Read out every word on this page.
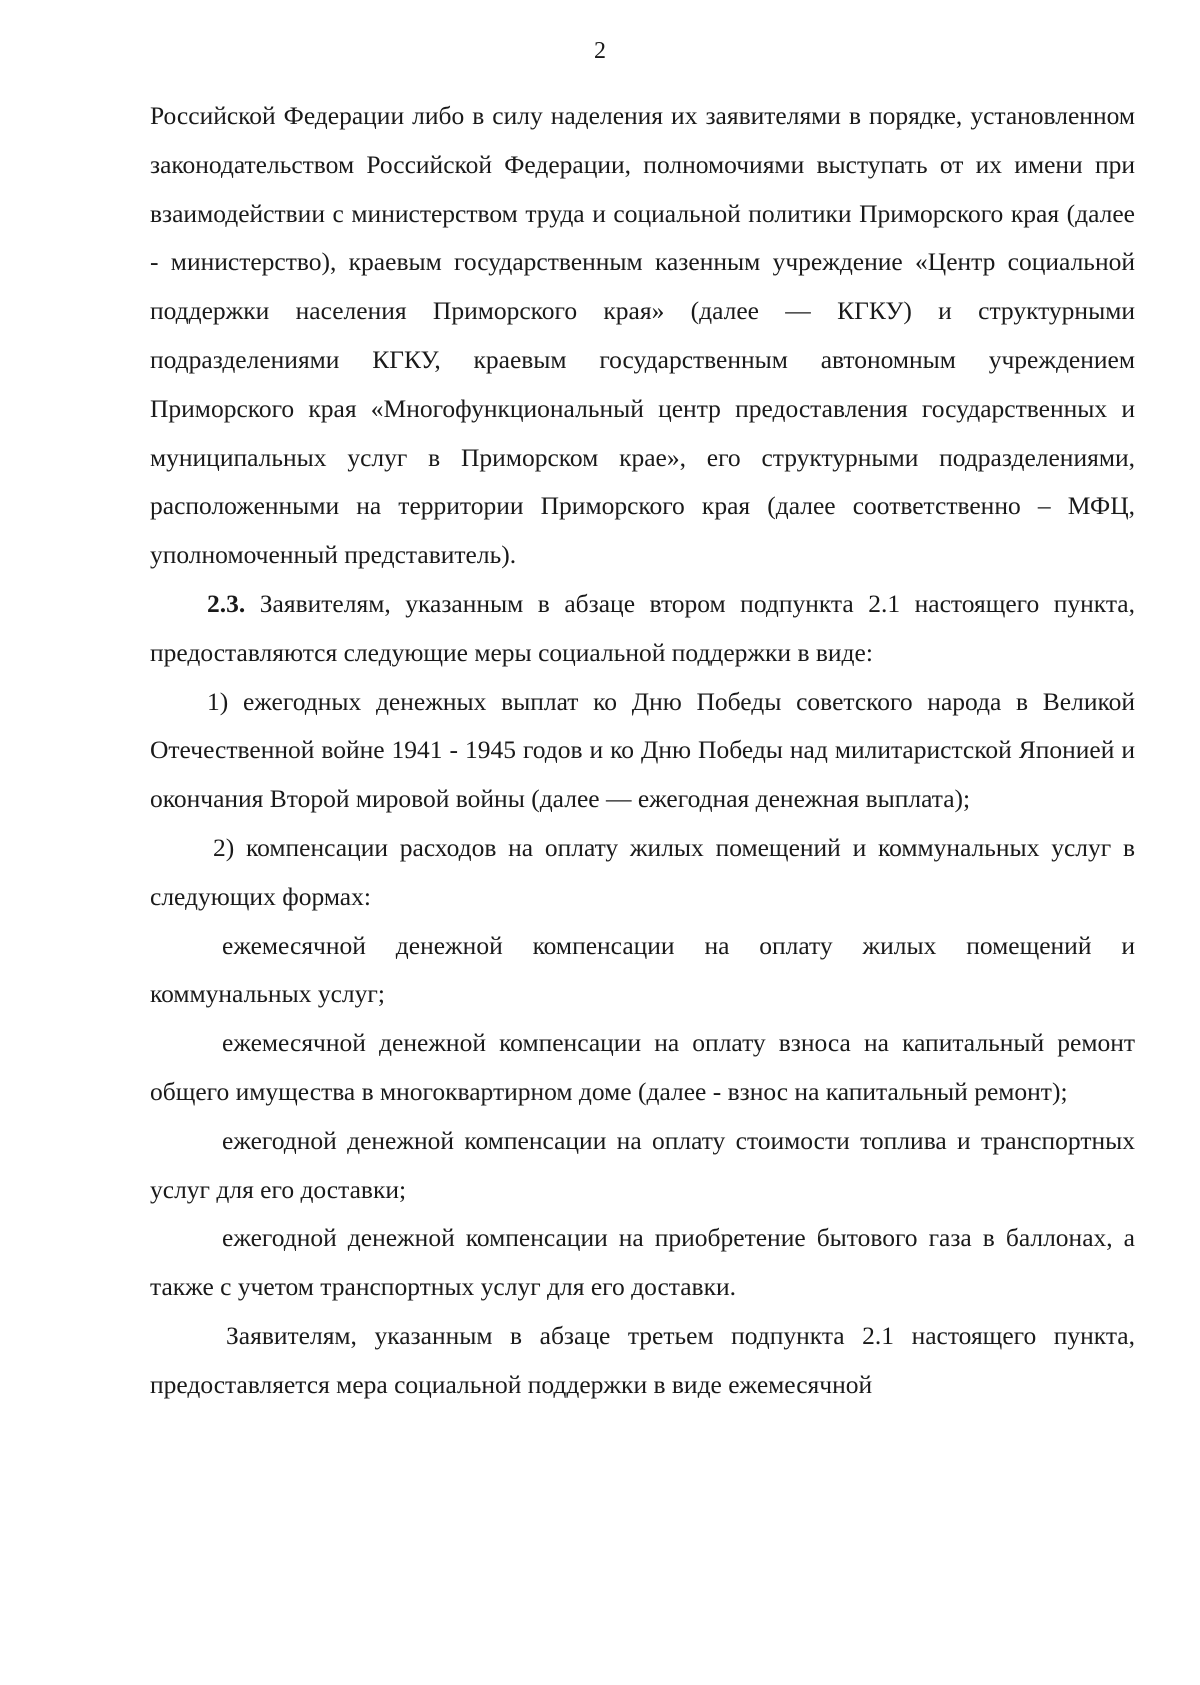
2

Российской Федерации либо в силу наделения их заявителями в порядке, установленном законодательством Российской Федерации, полномочиями выступать от их имени при взаимодействии с министерством труда и социальной политики Приморского края (далее - министерство), краевым государственным казенным учреждение «Центр социальной поддержки населения Приморского края» (далее — КГКУ) и структурными подразделениями КГКУ, краевым государственным автономным учреждением Приморского края «Многофункциональный центр предоставления государственных и муниципальных услуг в Приморском крае», его структурными подразделениями, расположенными на территории Приморского края (далее соответственно – МФЦ, уполномоченный представитель).

2.3. Заявителям, указанным в абзаце втором подпункта 2.1 настоящего пункта, предоставляются следующие меры социальной поддержки в виде:

1) ежегодных денежных выплат ко Дню Победы советского народа в Великой Отечественной войне 1941 - 1945 годов и ко Дню Победы над милитаристской Японией и окончания Второй мировой войны (далее — ежегодная денежная выплата);

2) компенсации расходов на оплату жилых помещений и коммунальных услуг в следующих формах:

ежемесячной денежной компенсации на оплату жилых помещений и коммунальных услуг;

ежемесячной денежной компенсации на оплату взноса на капитальный ремонт общего имущества в многоквартирном доме (далее - взнос на капитальный ремонт);

ежегодной денежной компенсации на оплату стоимости топлива и транспортных услуг для его доставки;

ежегодной денежной компенсации на приобретение бытового газа в баллонах, а также с учетом транспортных услуг для его доставки.

Заявителям, указанным в абзаце третьем подпункта 2.1 настоящего пункта, предоставляется мера социальной поддержки в виде ежемесячной
